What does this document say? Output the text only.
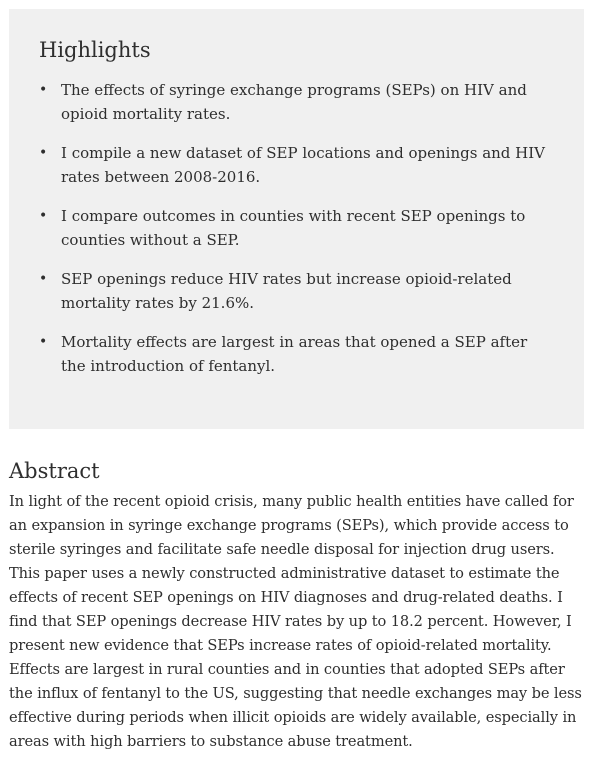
Highlights
• The effects of syringe exchange programs (SEPs) on HIV and opioid mortality rates.
• I compile a new dataset of SEP locations and openings and HIV rates between 2008-2016.
• I compare outcomes in counties with recent SEP openings to counties without a SEP.
• SEP openings reduce HIV rates but increase opioid-related mortality rates by 21.6%.
• Mortality effects are largest in areas that opened a SEP after the introduction of fentanyl.
Abstract

In light of the recent opioid crisis, many public health entities have called for an expansion in syringe exchange programs (SEPs), which provide access to sterile syringes and facilitate safe needle disposal for injection drug users. This paper uses a newly constructed administrative dataset to estimate the effects of recent SEP openings on HIV diagnoses and drug-related deaths. I find that SEP openings decrease HIV rates by up to 18.2 percent. However, I present new evidence that SEPs increase rates of opioid-related mortality. Effects are largest in rural counties and in counties that adopted SEPs after the influx of fentanyl to the US, suggesting that needle exchanges may be less effective during periods when illicit opioids are widely available, especially in areas with high barriers to substance abuse treatment.
